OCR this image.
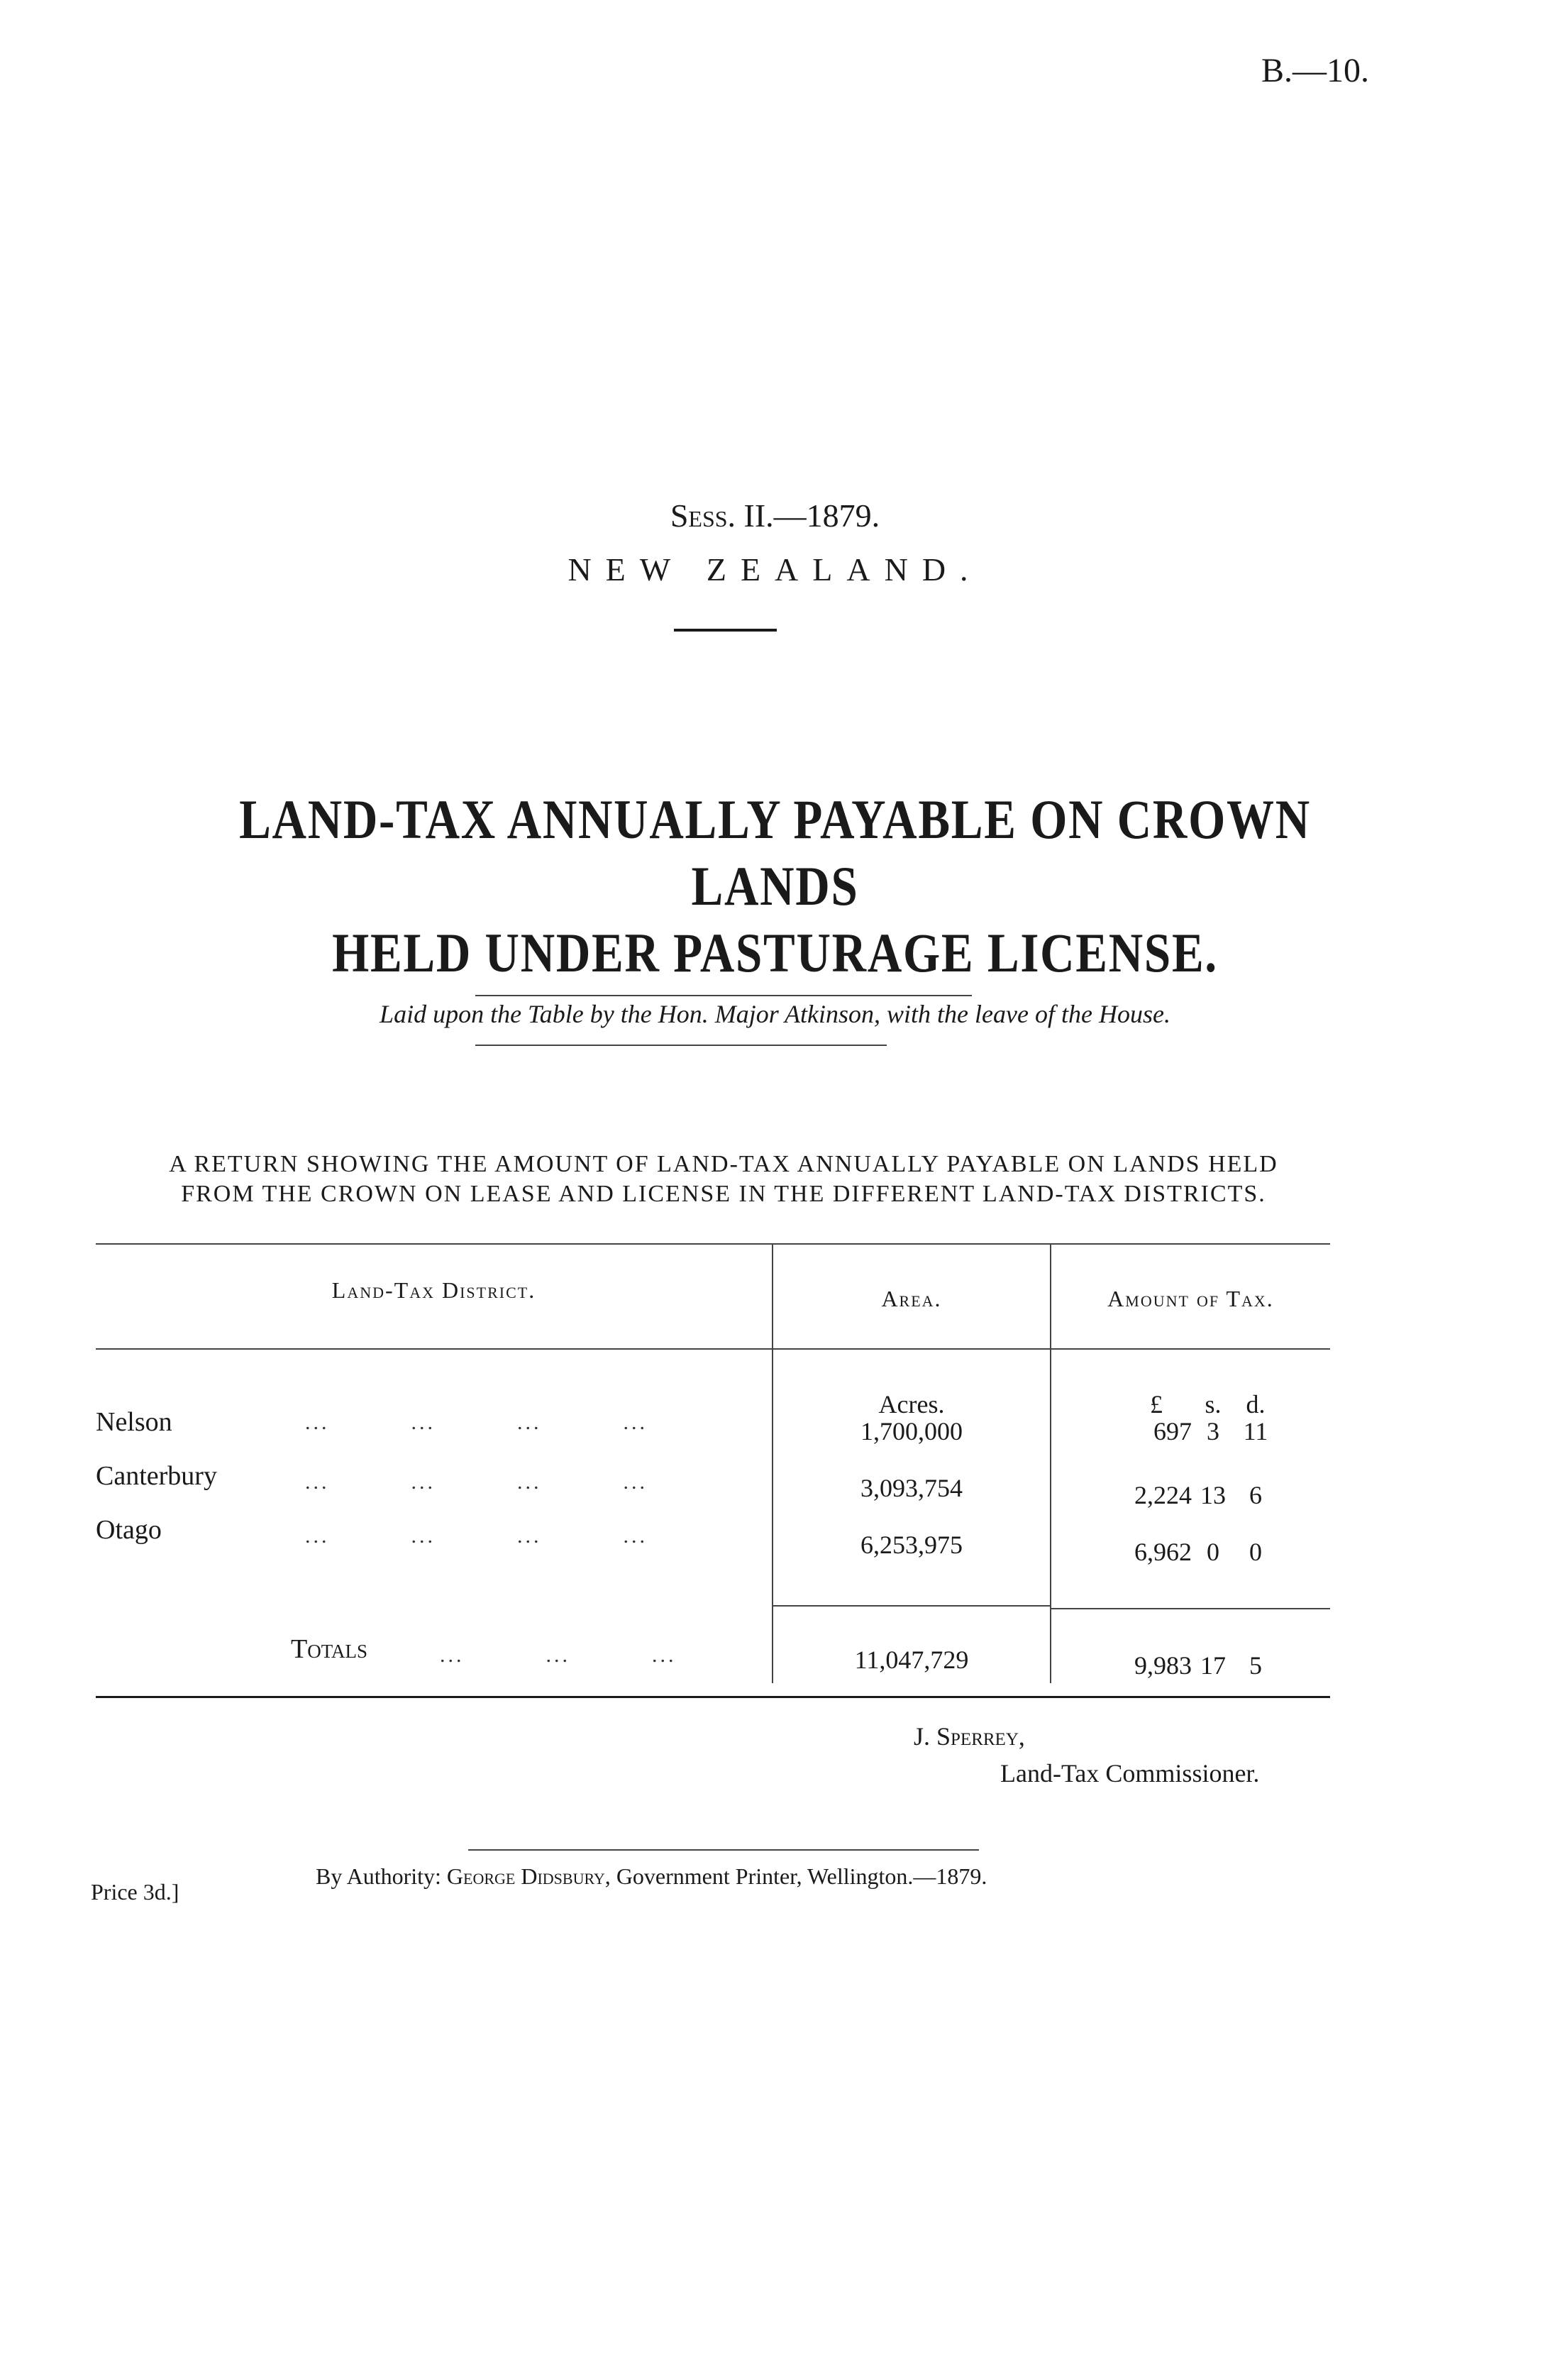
B.—10.
Sess. II.—1879.
NEW ZEALAND.
LAND-TAX ANNUALLY PAYABLE ON CROWN LANDS
HELD UNDER PASTURAGE LICENSE.
Laid upon the Table by the Hon. Major Atkinson, with the leave of the House.
A RETURN SHOWING THE AMOUNT OF LAND-TAX ANNUALLY PAYABLE ON LANDS HELD
FROM THE CROWN ON LEASE AND LICENSE IN THE DIFFERENT LAND-TAX DISTRICTS.
Land-Tax District.	Area.	Amount of Tax.
Acres.	£	s. d.
Nelson	...          ...          ...          ...	1,700,000	697 3 11
Canterbury	...          ...          ...          ...	3,093,754	2,224 13 6
Otago	...          ...          ...          ...	6,253,975	6,962 0	0
Totals	...          ...          ...	11,047,729	9,983 17 5
J. Sperrey,
Land-Tax Commissioner.
Price 3d.]
By Authority: George Didsbury, Government Printer, Wellington.—1879.
